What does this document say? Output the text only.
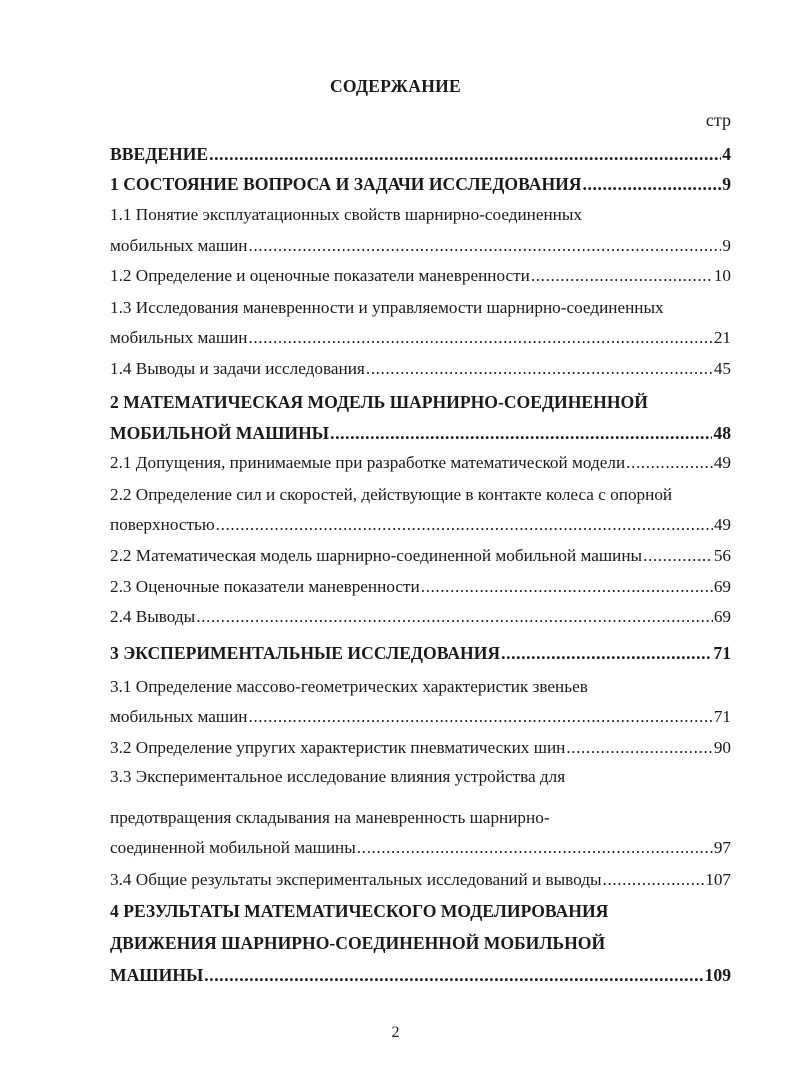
СОДЕРЖАНИЕ
стр
ВВЕДЕНИЕ .....	4
1 СОСТОЯНИЕ ВОПРОСА И ЗАДАЧИ ИССЛЕДОВАНИЯ .....	9
1.1 Понятие эксплуатационных свойств шарнирно-соединенных
мобильных машин .....	9
1.2 Определение и оценочные показатели маневренности .....	10
1.3 Исследования маневренности и управляемости шарнирно-соединенных
мобильных машин .....	21
1.4 Выводы и задачи исследования .....	45
2 МАТЕМАТИЧЕСКАЯ МОДЕЛЬ ШАРНИРНО-СОЕДИНЕННОЙ
МОБИЛЬНОЙ МАШИНЫ .....	48
2.1 Допущения, принимаемые при разработке математической модели .....	49
2.2 Определение сил и скоростей, действующие в контакте колеса с опорной
поверхностью .....	49
2.2 Математическая модель шарнирно-соединенной мобильной машины .....	56
2.3 Оценочные показатели маневренности .....	69
2.4 Выводы .....	69
3 ЭКСПЕРИМЕНТАЛЬНЫЕ ИССЛЕДОВАНИЯ .....	71
3.1 Определение массово-геометрических характеристик звеньев
мобильных машин .....	71
3.2 Определение упругих характеристик пневматических шин .....	90
3.3 Экспериментальное исследование влияния устройства для
предотвращения складывания на маневренность шарнирно-
соединенной мобильной машины .....	97
3.4 Общие результаты экспериментальных исследований и выводы .....	107
4 РЕЗУЛЬТАТЫ МАТЕМАТИЧЕСКОГО МОДЕЛИРОВАНИЯ
ДВИЖЕНИЯ ШАРНИРНО-СОЕДИНЕННОЙ МОБИЛЬНОЙ
МАШИНЫ .....	109
2
